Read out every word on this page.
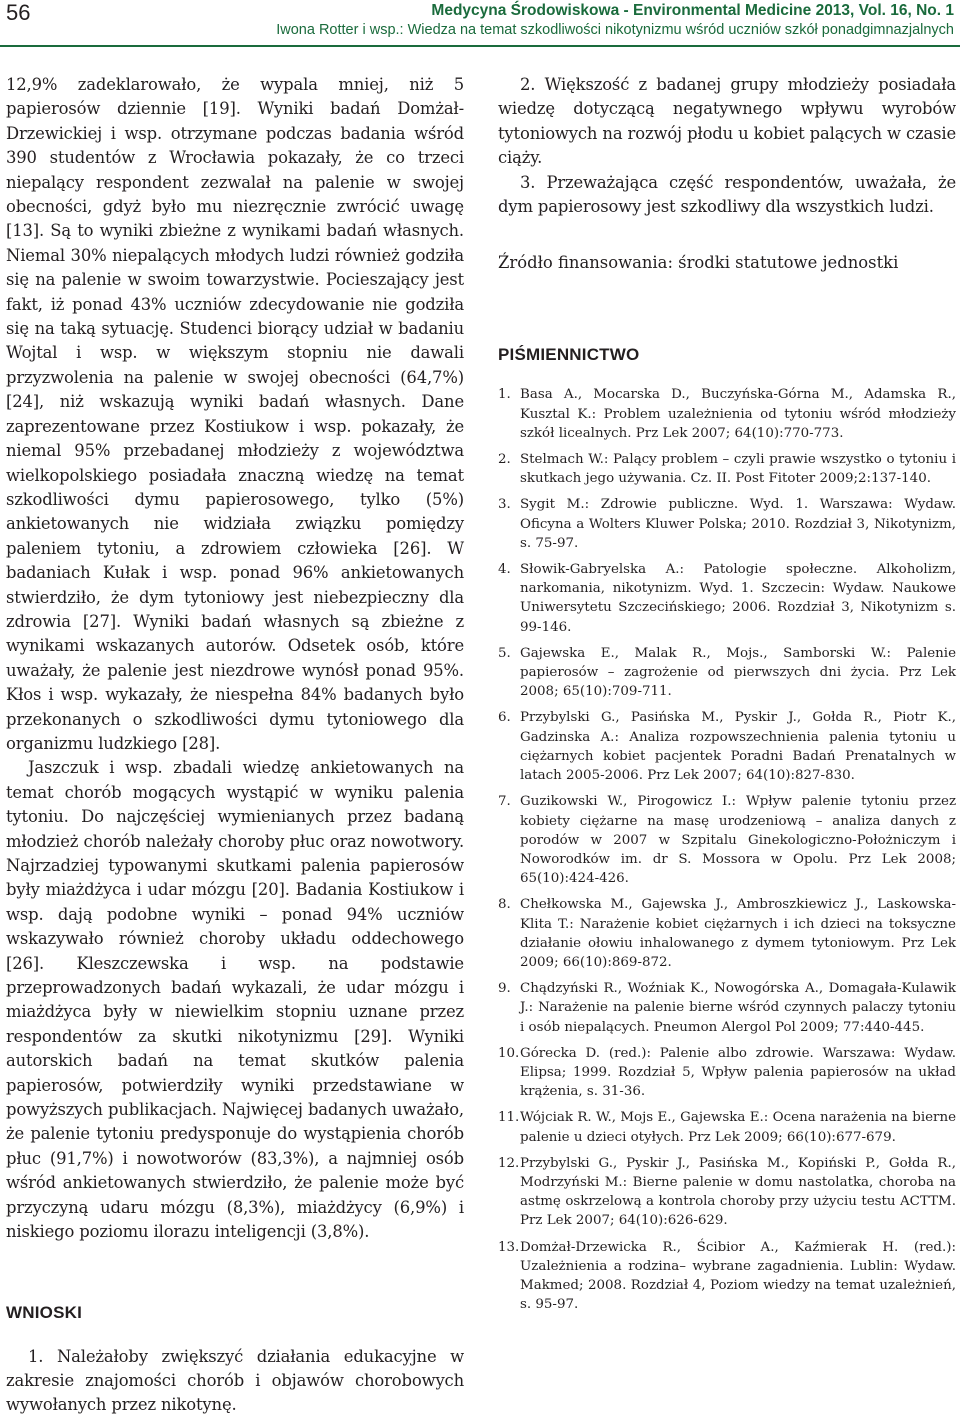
56	Medycyna Środowiskowa - Environmental Medicine 2013, Vol. 16, No. 1
Iwona Rotter i wsp.: Wiedza na temat szkodliwości nikotynizmu wśród uczniów szkół ponadgimnazjalnych

12,9% zadeklarowało, że wypala mniej, niż 5 papierosów dziennie [19]. Wyniki badań Domżał-Drzewickiej i wsp. otrzymane podczas badania wśród 390 studentów z Wrocławia pokazały, że co trzeci niepalący respondent zezwalał na palenie w swojej obecności, gdyż było mu niezręcznie zwrócić uwagę [13]. Są to wyniki zbieżne z wynikami badań własnych. Niemal 30% niepalących młodych ludzi również godziła się na palenie w swoim towarzystwie. Pocieszający jest fakt, iż ponad 43% uczniów zdecydowanie nie godziła się na taką sytuację. Studenci biorący udział w badaniu Wojtal i wsp. w większym stopniu nie dawali przyzwolenia na palenie w swojej obecności (64,7%) [24], niż wskazują wyniki badań własnych. Dane zaprezentowane przez Kostiukow i wsp. pokazały, że niemal 95% przebadanej młodzieży z województwa wielkopolskiego posiadała znaczną wiedzę na temat szkodliwości dymu papierosowego, tylko (5%) ankietowanych nie widziała związku pomiędzy paleniem tytoniu, a zdrowiem człowieka [26]. W badaniach Kułak i wsp. ponad 96% ankietowanych stwierdziło, że dym tytoniowy jest niebezpieczny dla zdrowia [27]. Wyniki badań własnych są zbieżne z wynikami wskazanych autorów. Odsetek osób, które uważały, że palenie jest niezdrowe wynósł ponad 95%. Kłos i wsp. wykazały, że niespełna 84% badanych było przekonanych o szkodliwości dymu tytoniowego dla organizmu ludzkiego [28].

Jaszczuk i wsp. zbadali wiedzę ankietowanych na temat chorób mogących wystąpić w wyniku palenia tytoniu. Do najczęściej wymienianych przez badaną młodzież chorób należały choroby płuc oraz nowotwory. Najrzadziej typowanymi skutkami palenia papierosów były miażdżyca i udar mózgu [20]. Badania Kostiukow i wsp. dają podobne wyniki – ponad 94% uczniów wskazywało również choroby układu oddechowego [26]. Kleszczewska i wsp. na podstawie przeprowadzonych badań wykazali, że udar mózgu i miażdżyca były w niewielkim stopniu uznane przez respondentów za skutki nikotynizmu [29]. Wyniki autorskich badań na temat skutków palenia papierosów, potwierdziły wyniki przedstawiane w powyższych publikacjach. Najwięcej badanych uważało, że palenie tytoniu predysponuje do wystąpienia chorób płuc (91,7%) i nowotworów (83,3%), a najmniej osób wśród ankietowanych stwierdziło, że palenie może być przyczyną udaru mózgu (8,3%), miażdżycy (6,9%) i niskiego poziomu ilorazu inteligencji (3,8%).

WNIOSKI

1. Należałoby zwiększyć działania edukacyjne w zakresie znajomości chorób i objawów chorobowych wywołanych przez nikotynę.

2. Większość z badanej grupy młodzieży posiadała wiedzę dotyczącą negatywnego wpływu wyrobów tytoniowych na rozwój płodu u kobiet palących w czasie ciąży.

3. Przeważająca część respondentów, uważała, że dym papierosowy jest szkodliwy dla wszystkich ludzi.

Źródło finansowania: środki statutowe jednostki

PIŚMIENNICTWO
1. Basa A., Mocarska D., Buczyńska-Górna M., Adamska R., Kusztal K.: Problem uzależnienia od tytoniu wśród młodzieży szkół licealnych. Prz Lek 2007; 64(10):770-773.
2. Stelmach W.: Palący problem – czyli prawie wszystko o tytoniu i skutkach jego używania. Cz. II. Post Fitoter 2009;2:137-140.
3. Sygit M.: Zdrowie publiczne. Wyd. 1. Warszawa: Wydaw. Oficyna a Wolters Kluwer Polska; 2010. Rozdział 3, Nikotynizm, s. 75-97.
4. Słowik-Gabryelska A.: Patologie społeczne. Alkoholizm, narkomania, nikotynizm. Wyd. 1. Szczecin: Wydaw. Naukowe Uniwersytetu Szczecińskiego; 2006. Rozdział 3, Nikotynizm s. 99-146.
5. Gajewska E., Malak R., Mojs., Samborski W.: Palenie papierosów – zagrożenie od pierwszych dni życia. Prz Lek 2008; 65(10):709-711.
6. Przybylski G., Pasińska M., Pyskir J., Gołda R., Piotr K., Gadzinska A.: Analiza rozpowszechnienia palenia tytoniu u ciężarnych kobiet pacjentek Poradni Badań Prenatalnych w latach 2005-2006. Prz Lek 2007; 64(10):827-830.
7. Guzikowski W., Pirogowicz I.: Wpływ palenie tytoniu przez kobiety ciężarne na masę urodzeniową – analiza danych z porodów w 2007 w Szpitalu Ginekologiczno-Położniczym i Noworodków im. dr S. Mossora w Opolu. Prz Lek 2008; 65(10):424-426.
8. Chełkowska M., Gajewska J., Ambroszkiewicz J., Laskowska-Klita T.: Narażenie kobiet ciężarnych i ich dzieci na toksyczne działanie ołowiu inhalowanego z dymem tytoniowym. Prz Lek 2009; 66(10):869-872.
9. Chądzyński R., Woźniak K., Nowogórska A., Domagała-Kulawik J.: Narażenie na palenie bierne wśród czynnych palaczy tytoniu i osób niepalących. Pneumon Alergol Pol 2009; 77:440-445.
10. Górecka D. (red.): Palenie albo zdrowie. Warszawa: Wydaw. Elipsa; 1999. Rozdział 5, Wpływ palenia papierosów na układ krążenia, s. 31-36.
11. Wójciak R. W., Mojs E., Gajewska E.: Ocena narażenia na bierne palenie u dzieci otyłych. Prz Lek 2009; 66(10):677-679.
12. Przybylski G., Pyskir J., Pasińska M., Kopiński P., Gołda R., Modrzyński M.: Bierne palenie w domu nastolatka, choroba na astmę oskrzelową a kontrola choroby przy użyciu testu ACTTM. Prz Lek 2007; 64(10):626-629.
13. Domżał-Drzewicka R., Ścibior A., Kaźmierak H. (red.): Uzależnienia a rodzina– wybrane zagadnienia. Lublin: Wydaw. Makmed; 2008. Rozdział 4, Poziom wiedzy na temat uzależnień, s. 95-97.
